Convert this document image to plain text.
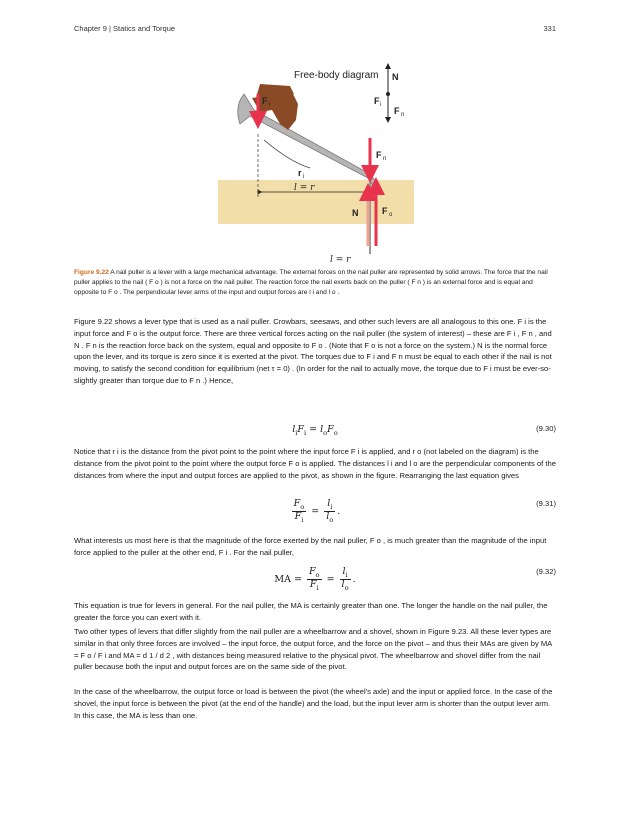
Chapter 9 | Statics and Torque	331
F i
r i
l = r
F n
N	F o
l = r
Free-body diagram N
F i
F n
Figure 9.22 A nail puller is a lever with a large mechanical advantage. The external forces on the nail puller are represented by solid arrows. The force that the nail puller applies to the nail ( F o ) is not a force on the nail puller. The reaction force the nail exerts back on the puller ( F n ) is an external force and is equal and opposite to F o . The perpendicular lever arms of the input and output forces are l i and l o .
Figure 9.22 shows a lever type that is used as a nail puller. Crowbars, seesaws, and other such levers are all analogous to this one. F i is the input force and F o is the output force. There are three vertical forces acting on the nail puller (the system of interest) – these are F i , F n , and N . F n is the reaction force back on the system, equal and opposite to F o . (Note that F o is not a force on the system.) N is the normal force upon the lever, and its torque is zero since it is exerted at the pivot. The torques due to F i and F n must be equal to each other if the nail is not moving, to satisfy the second condition for equilibrium (net τ = 0) . (In order for the nail to actually move, the torque due to F i must be ever-so-slightly greater than torque due to F n .) Hence,
$l_iF_i = l_oF_o$	(9.30)
Notice that r i is the distance from the pivot point to the point where the input force F i is applied, and r o (not labeled on the diagram) is the distance from the pivot point to the point where the output force F o is applied. The distances l i and l o are the perpendicular components of the distances from where the input and output forces are applied to the pivot, as shown in the figure. Rearranging the last equation gives
$\frac{F_o}{F_i} = \frac{l_i}{l_o}$ .
(9.31)
What interests us most here is that the magnitude of the force exerted by the nail puller, F o , is much greater than the magnitude of the input force applied to the puller at the other end, F i . For the nail puller,
MA = $\frac{F_o}{F_i} = \frac{l_i}{l_o}$ .
(9.32)
This equation is true for levers in general. For the nail puller, the MA is certainly greater than one. The longer the handle on the nail puller, the greater the force you can exert with it.
Two other types of levers that differ slightly from the nail puller are a wheelbarrow and a shovel, shown in Figure 9.23. All these lever types are similar in that only three forces are involved – the input force, the output force, and the force on the pivot – and thus their MAs are given by MA = F o / F i and MA = d 1 / d 2 , with distances being measured relative to the physical pivot. The wheelbarrow and shovel differ from the nail puller because both the input and output forces are on the same side of the pivot.
In the case of the wheelbarrow, the output force or load is between the pivot (the wheel's axle) and the input or applied force. In the case of the shovel, the input force is between the pivot (at the end of the handle) and the load, but the input lever arm is shorter than the output lever arm. In this case, the MA is less than one.
